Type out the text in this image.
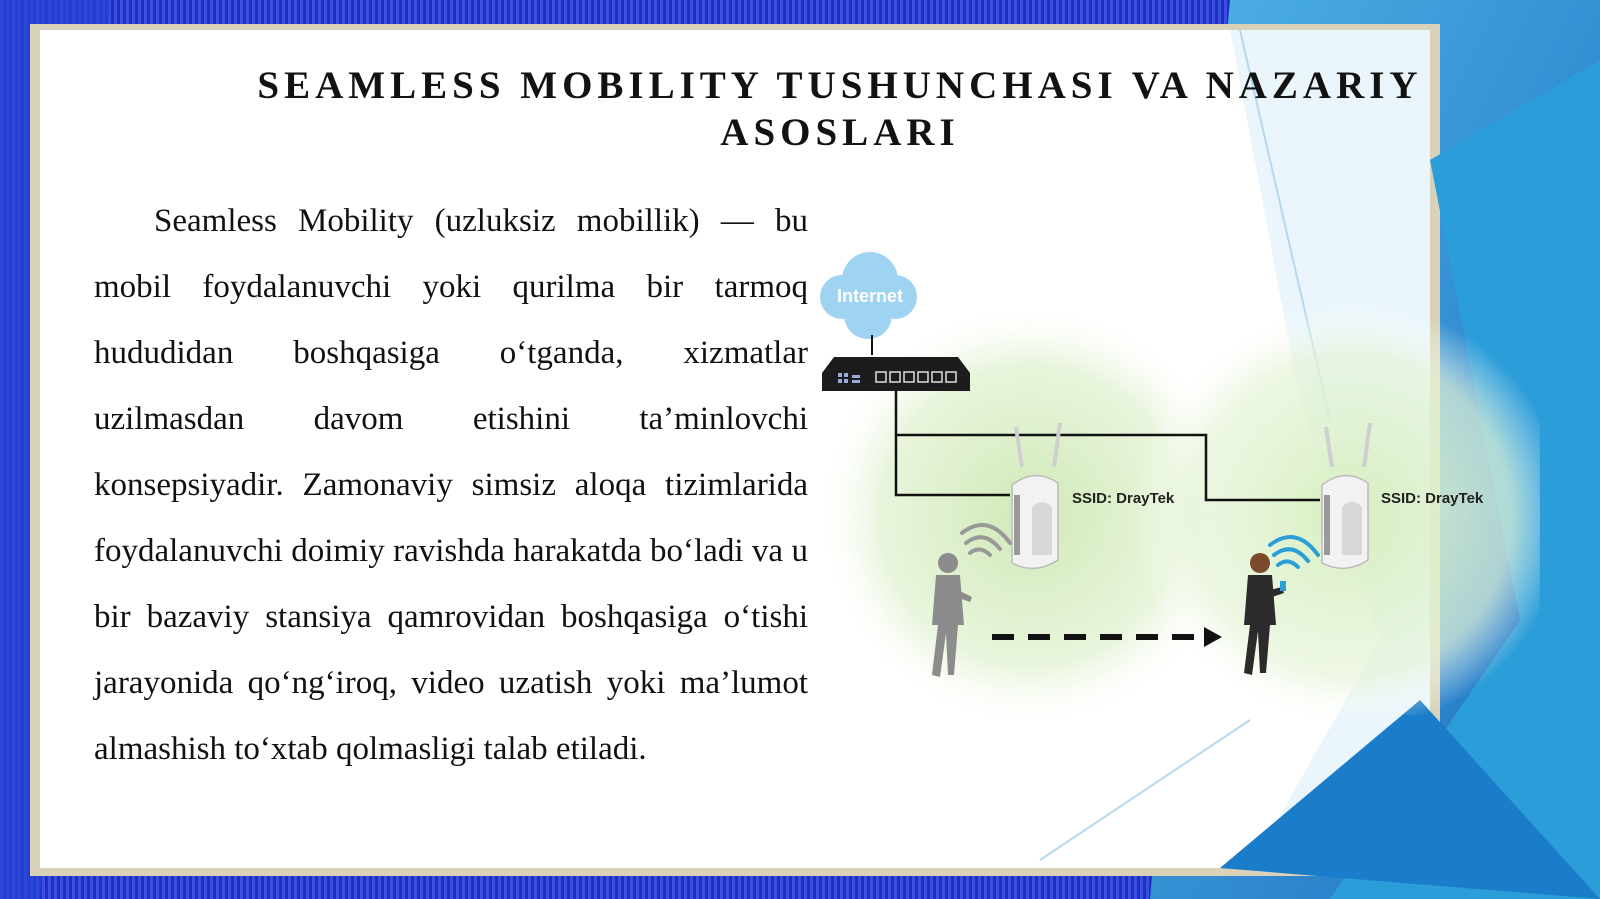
SEAMLESS MOBILITY TUSHUNCHASI VA NAZARIY ASOSLARI

Seamless Mobility (uzluksiz mobillik) — bu mobil foydalanuvchi yoki qurilma bir tarmoq hududidan boshqasiga o‘tganda, xizmatlar uzilmasdan davom etishini ta’minlovchi konsepsiyadir. Zamonaviy simsiz aloqa tizimlarida foydalanuvchi doimiy ravishda harakatda bo‘ladi va u bir bazaviy stansiya qamrovidan boshqasiga o‘tishi jarayonida qo‘ng‘iroq, video uzatish yoki ma’lumot almashish to‘xtab qolmasligi talab etiladi.

Internet
SSID: DrayTek	SSID: DrayTek
